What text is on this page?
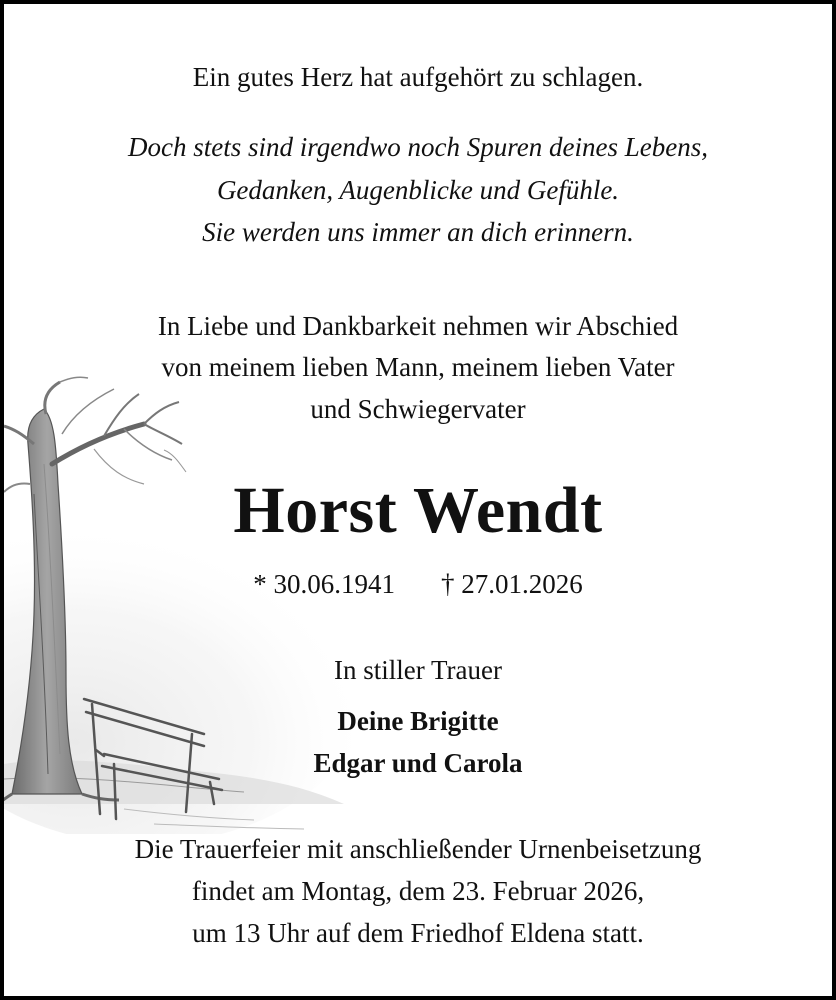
Ein gutes Herz hat aufgehört zu schlagen.
Doch stets sind irgendwo noch Spuren deines Lebens,
Gedanken, Augenblicke und Gefühle.
Sie werden uns immer an dich erinnern.
In Liebe und Dankbarkeit nehmen wir Abschied
von meinem lieben Mann, meinem lieben Vater
und Schwiegervater
Horst Wendt
* 30.06.1941 † 27.01.2026
In stiller Trauer
Deine Brigitte
Edgar und Carola
Die Trauerfeier mit anschließender Urnenbeisetzung
findet am Montag, dem 23. Februar 2026,
um 13 Uhr auf dem Friedhof Eldena statt.
